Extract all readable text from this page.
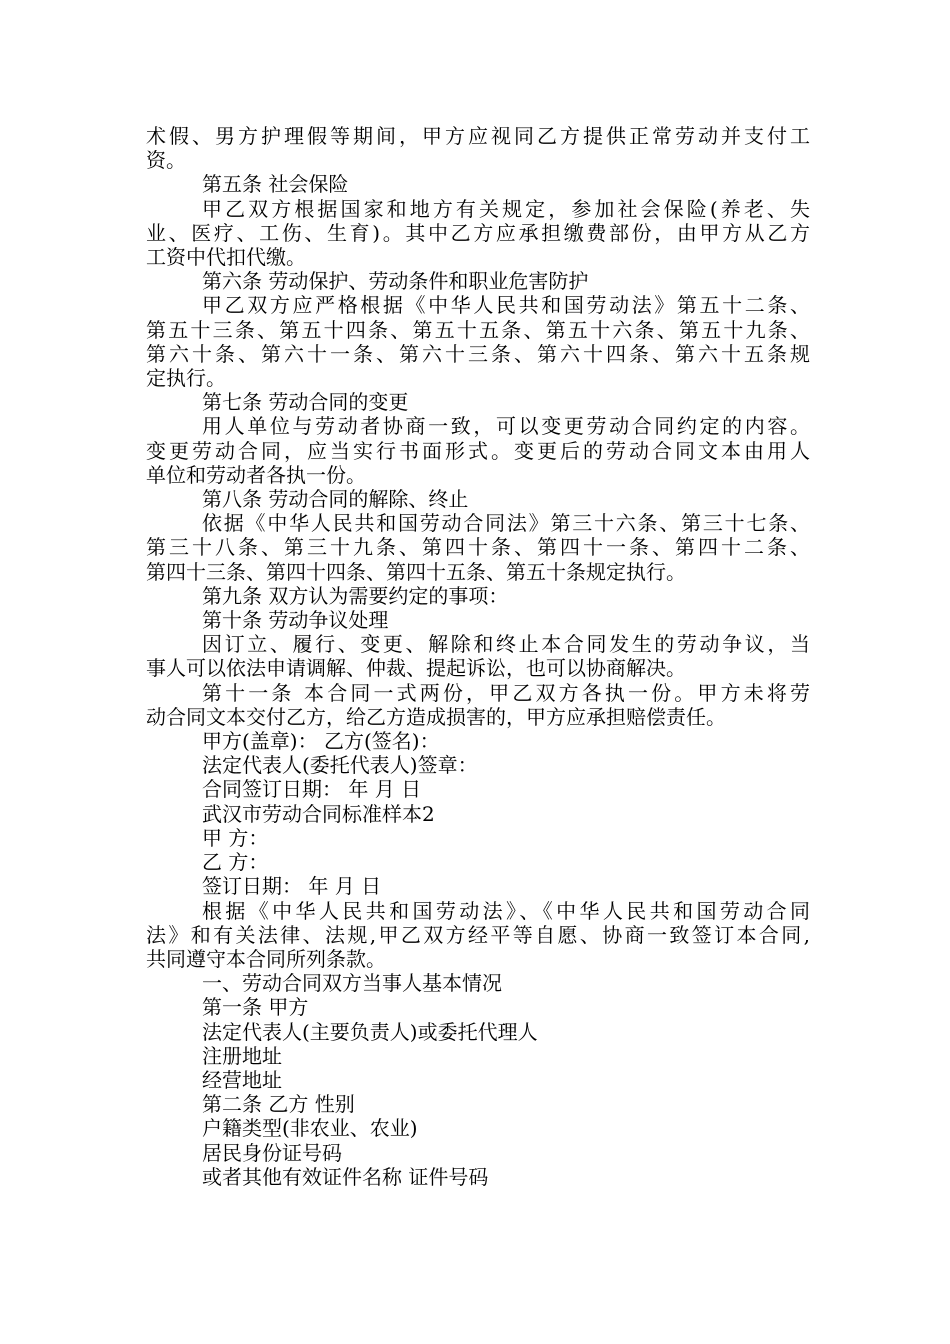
术假、男方护理假等期间，甲方应视同乙方提供正常劳动并支付工

资。

第五条 社会保险

甲乙双方根据国家和地方有关规定，参加社会保险(养老、失

业、医疗、工伤、生育)。其中乙方应承担缴费部份，由甲方从乙方

工资中代扣代缴。

第六条 劳动保护、劳动条件和职业危害防护

甲乙双方应严格根据《中华人民共和国劳动法》第五十二条、

第五十三条、第五十四条、第五十五条、第五十六条、第五十九条、

第六十条、第六十一条、第六十三条、第六十四条、第六十五条规

定执行。

第七条 劳动合同的变更

用人单位与劳动者协商一致，可以变更劳动合同约定的内容。

变更劳动合同，应当实行书面形式。变更后的劳动合同文本由用人

单位和劳动者各执一份。

第八条 劳动合同的解除、终止

依据《中华人民共和国劳动合同法》第三十六条、第三十七条、

第三十八条、第三十九条、第四十条、第四十一条、第四十二条、

第四十三条、第四十四条、第四十五条、第五十条规定执行。

第九条 双方认为需要约定的事项：

第十条 劳动争议处理

因订立、履行、变更、解除和终止本合同发生的劳动争议，当

事人可以依法申请调解、仲裁、提起诉讼，也可以协商解决。

第十一条 本合同一式两份，甲乙双方各执一份。甲方未将劳

动合同文本交付乙方，给乙方造成损害的，甲方应承担赔偿责任。

甲方(盖章)： 乙方(签名)：

法定代表人(委托代表人)签章：

合同签订日期： 年 月 日

武汉市劳动合同标准样本2

甲 方：

乙 方：

签订日期： 年 月 日

根据《中华人民共和国劳动法》、《中华人民共和国劳动合同

法》和有关法律、法规,甲乙双方经平等自愿、协商一致签订本合同,

共同遵守本合同所列条款。

一、劳动合同双方当事人基本情况

第一条 甲方

法定代表人(主要负责人)或委托代理人

注册地址

经营地址

第二条 乙方 性别

户籍类型(非农业、农业)

居民身份证号码

或者其他有效证件名称 证件号码
